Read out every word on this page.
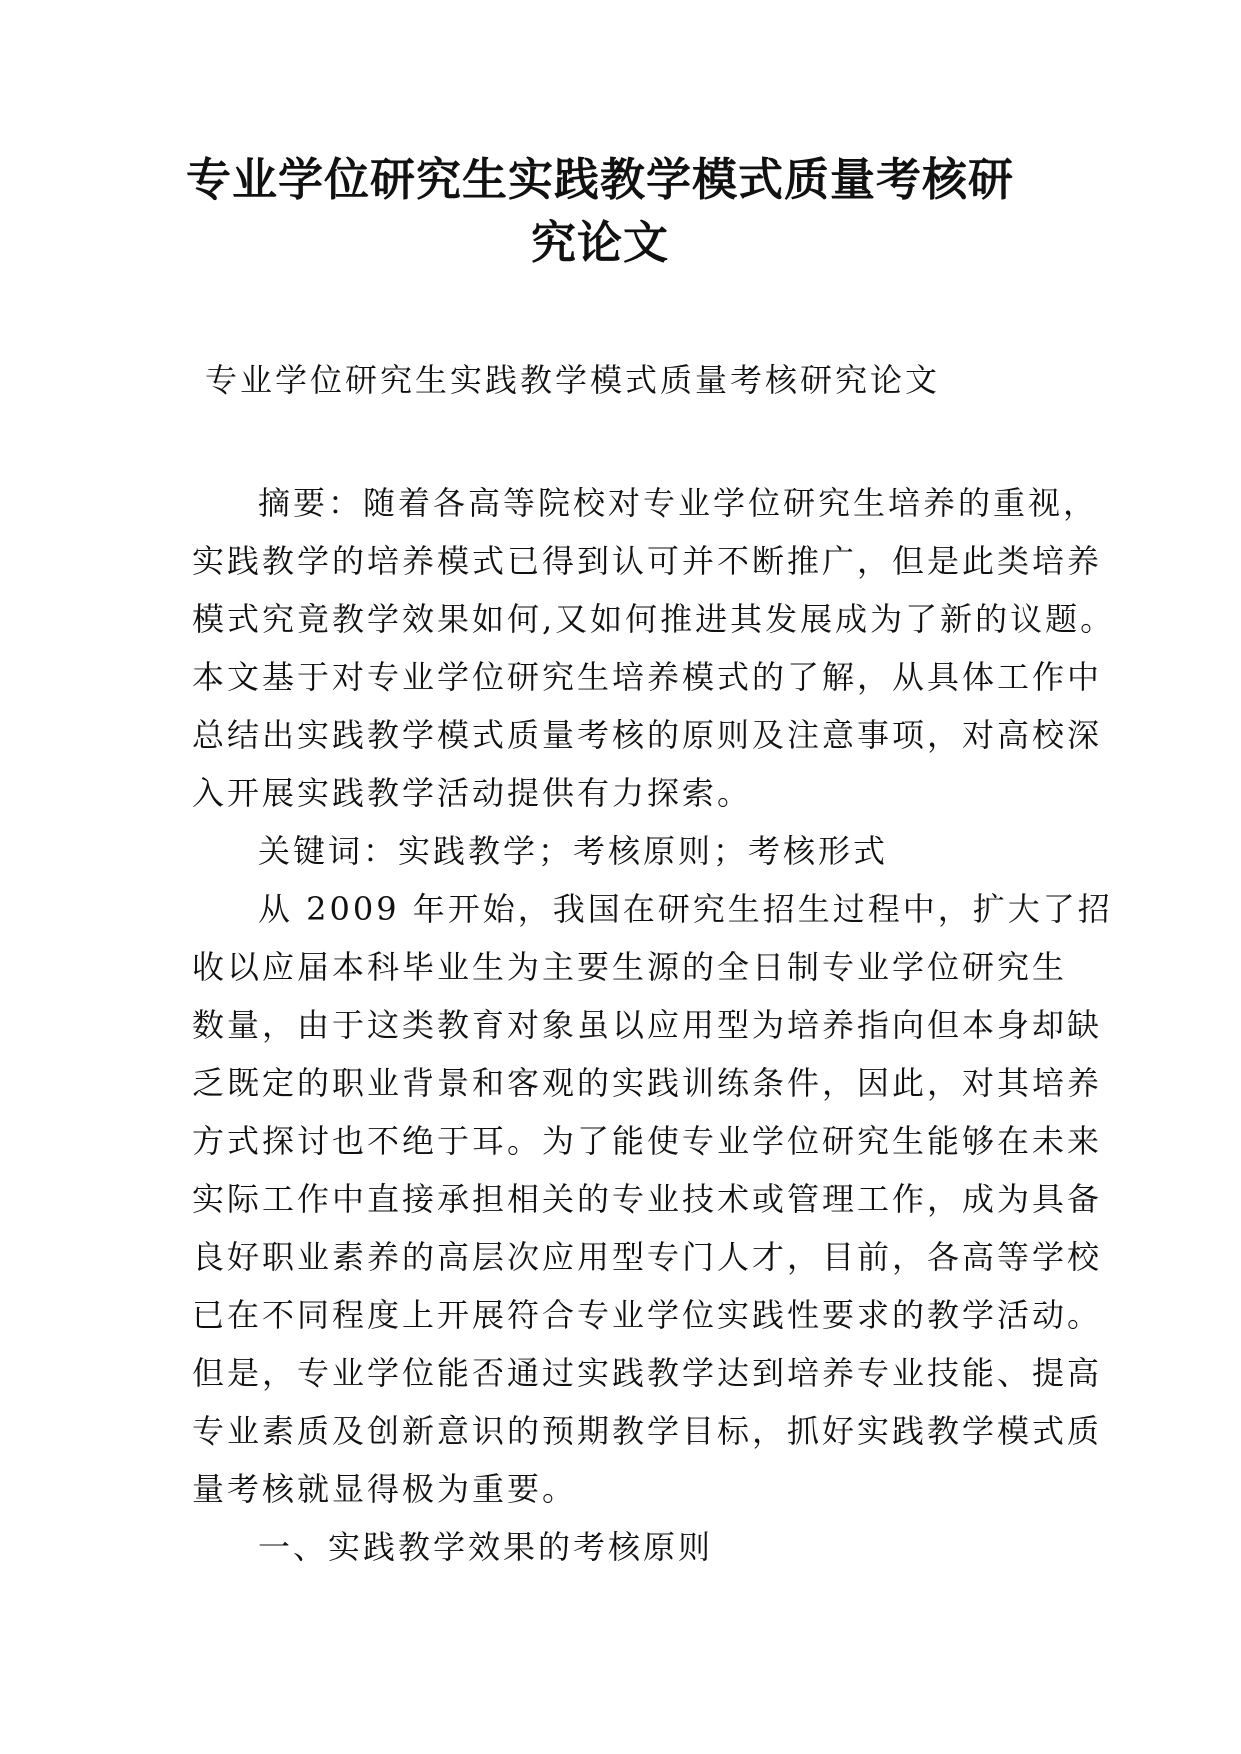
专业学位研究生实践教学模式质量考核研
究论文

专业学位研究生实践教学模式质量考核研究论文

摘要：随着各高等院校对专业学位研究生培养的重视，
实践教学的培养模式已得到认可并不断推广，但是此类培养
模式究竟教学效果如何,又如何推进其发展成为了新的议题。
本文基于对专业学位研究生培养模式的了解，从具体工作中
总结出实践教学模式质量考核的原则及注意事项，对高校深
入开展实践教学活动提供有力探索。
关键词：实践教学；考核原则；考核形式
从 2009 年开始，我国在研究生招生过程中，扩大了招
收以应届本科毕业生为主要生源的全日制专业学位研究生
数量，由于这类教育对象虽以应用型为培养指向但本身却缺
乏既定的职业背景和客观的实践训练条件，因此，对其培养
方式探讨也不绝于耳。为了能使专业学位研究生能够在未来
实际工作中直接承担相关的专业技术或管理工作，成为具备
良好职业素养的高层次应用型专门人才，目前，各高等学校
已在不同程度上开展符合专业学位实践性要求的教学活动。
但是，专业学位能否通过实践教学达到培养专业技能、提高
专业素质及创新意识的预期教学目标，抓好实践教学模式质
量考核就显得极为重要。
一、实践教学效果的考核原则
